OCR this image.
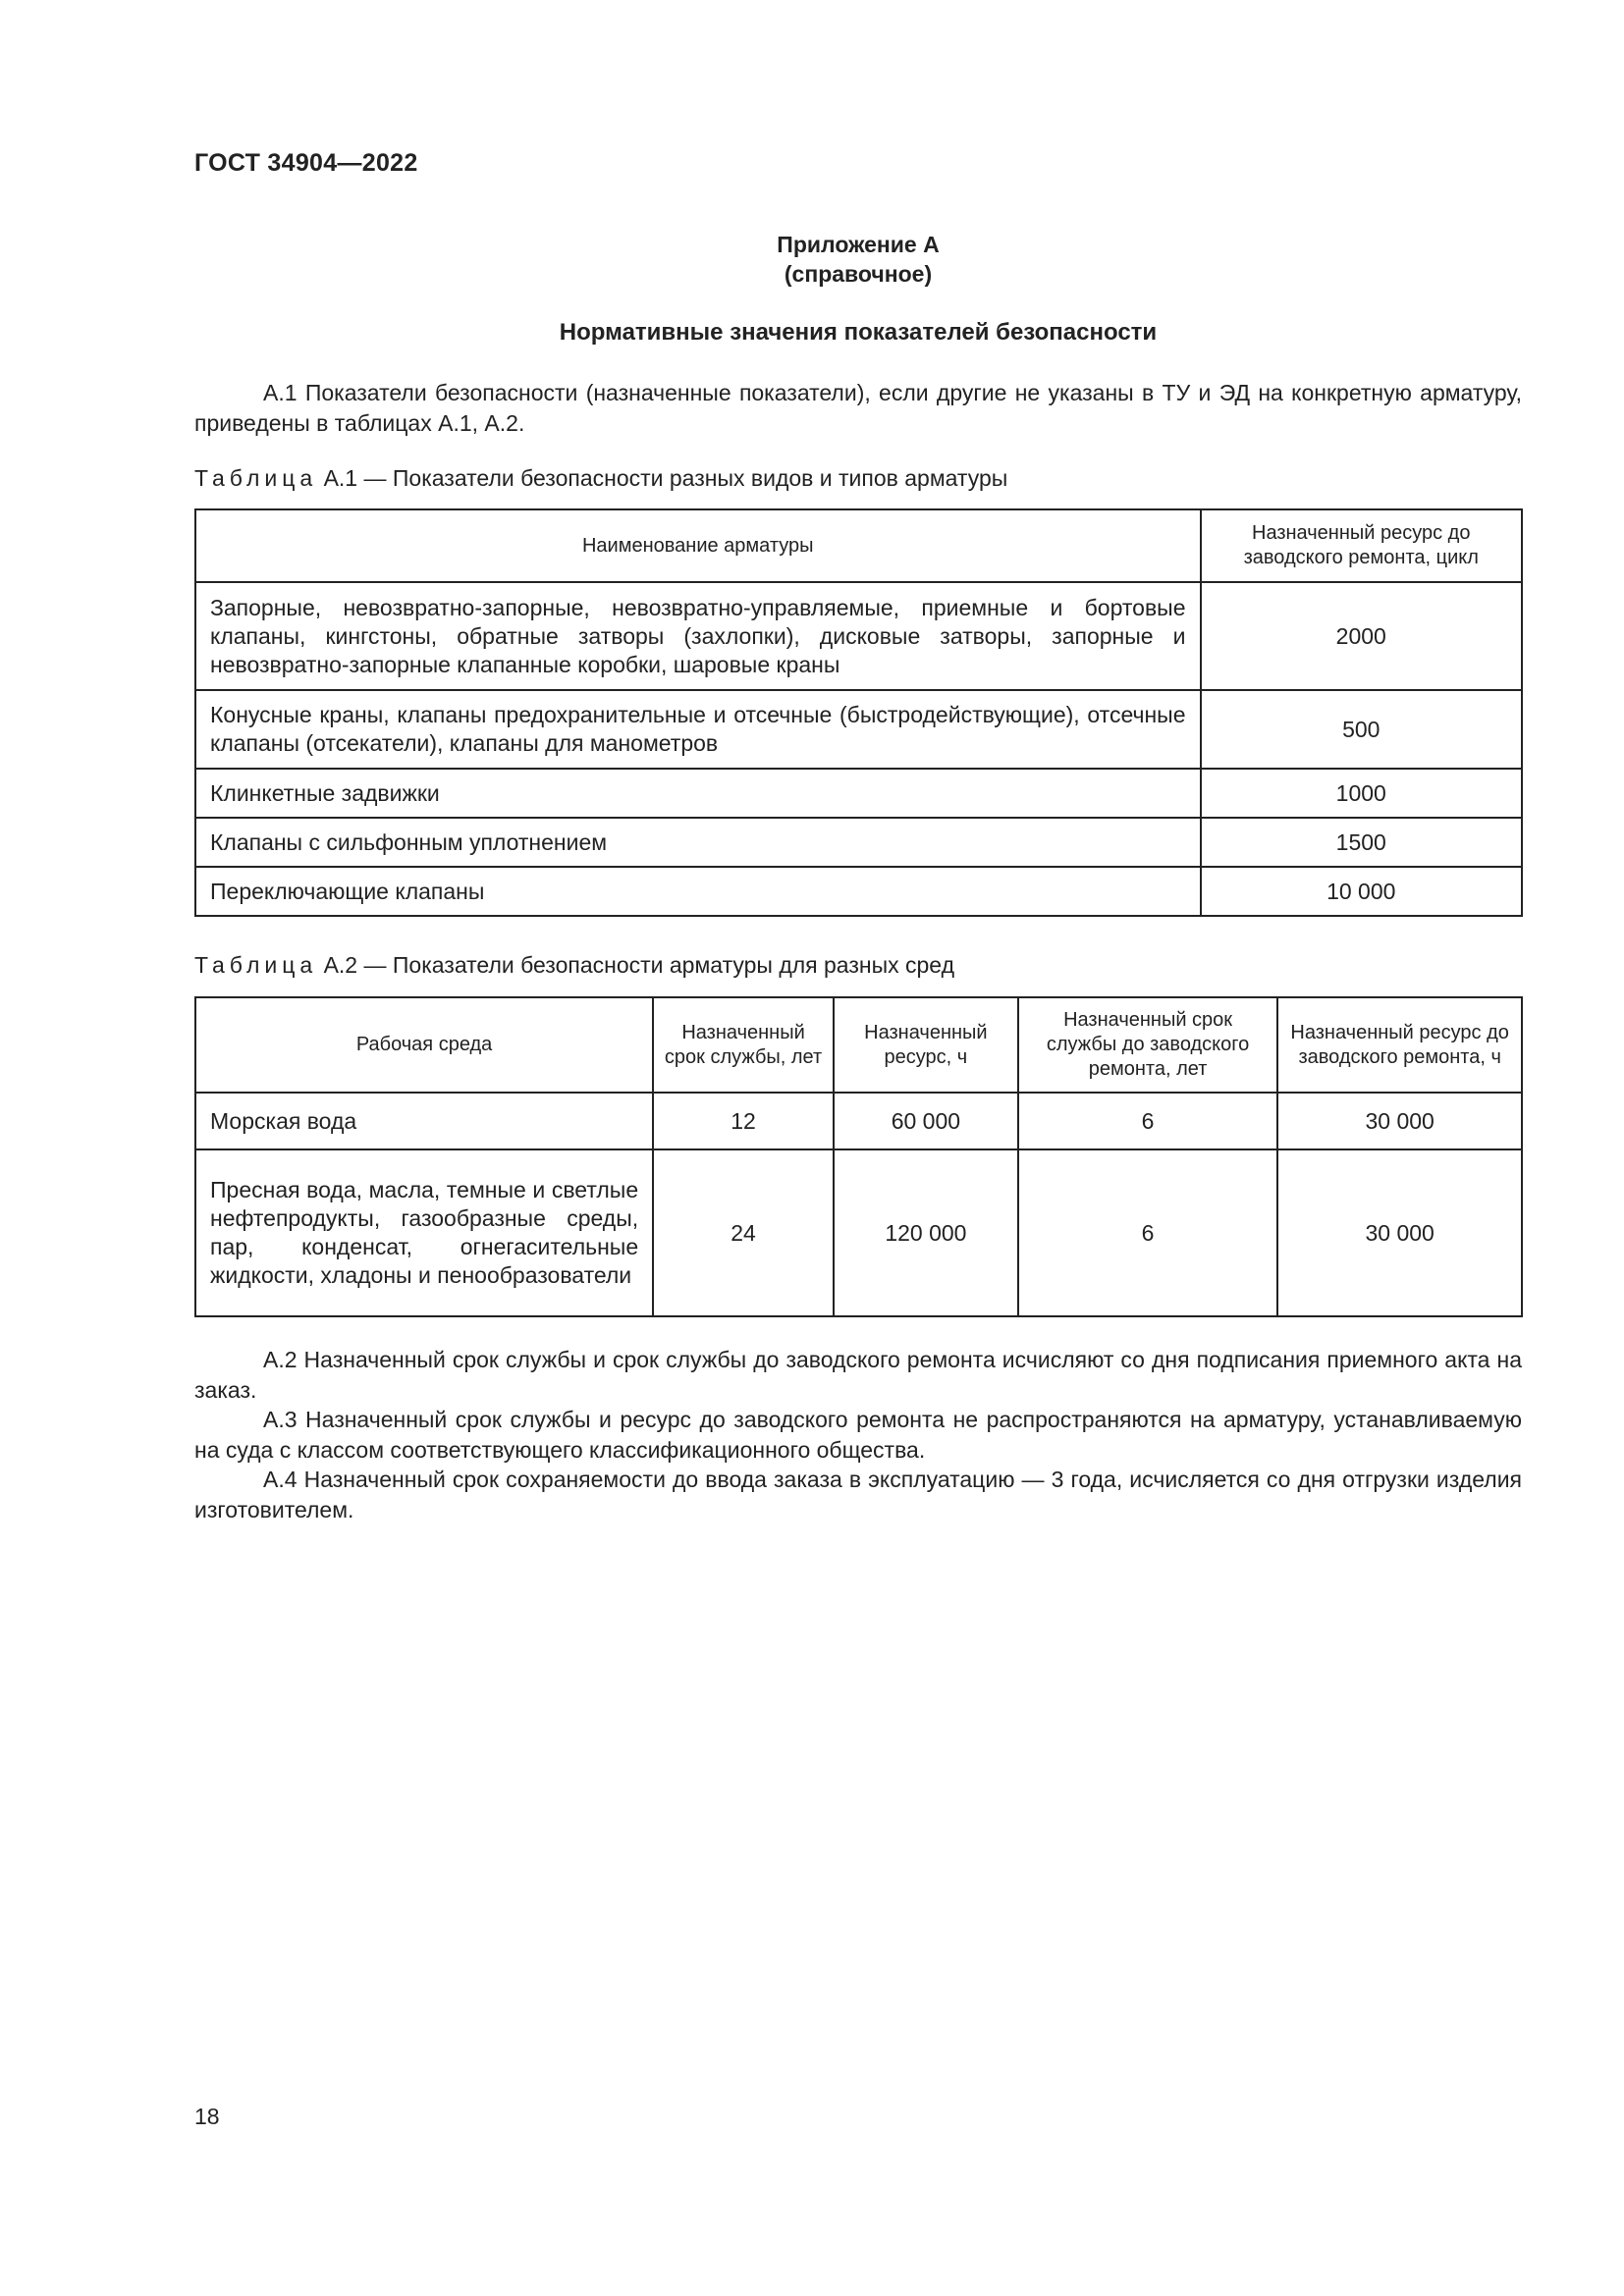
ГОСТ 34904—2022
Приложение А
(справочное)
Нормативные значения показателей безопасности

А.1 Показатели безопасности (назначенные показатели), если другие не указаны в ТУ и ЭД на конкретную арматуру, приведены в таблицах А.1, А.2.

Таблица А.1 — Показатели безопасности разных видов и типов арматуры
Наименование арматуры	Назначенный ресурс до заводского ремонта, цикл
Запорные, невозвратно-запорные, невозвратно-управляемые, приемные и бортовые клапаны, кингстоны, обратные затворы (захлопки), дисковые затворы, запорные и невозвратно-запорные клапанные коробки, шаровые краны	2000
Конусные краны, клапаны предохранительные и отсечные (быстродействующие), отсечные клапаны (отсекатели), клапаны для манометров	500
Клинкетные задвижки	1000
Клапаны с сильфонным уплотнением	1500
Переключающие клапаны	10 000
Таблица А.2 — Показатели безопасности арматуры для разных сред
Рабочая среда	Назначенный срок службы, лет	Назначенный ресурс, ч	Назначенный срок службы до заводского ремонта, лет	Назначенный ресурс до заводского ремонта, ч
Морская вода	12	60 000	6	30 000
Пресная вода, масла, темные и светлые нефтепродукты, газообразные среды, пар, конденсат, огнегасительные жидкости, хладоны и пенообразователи	24	120 000	6	30 000

А.2 Назначенный срок службы и срок службы до заводского ремонта исчисляют со дня подписания приемного акта на заказ.

А.3 Назначенный срок службы и ресурс до заводского ремонта не распространяются на арматуру, устанавливаемую на суда с классом соответствующего классификационного общества.

А.4 Назначенный срок сохраняемости до ввода заказа в эксплуатацию — 3 года, исчисляется со дня отгрузки изделия изготовителем.

18
